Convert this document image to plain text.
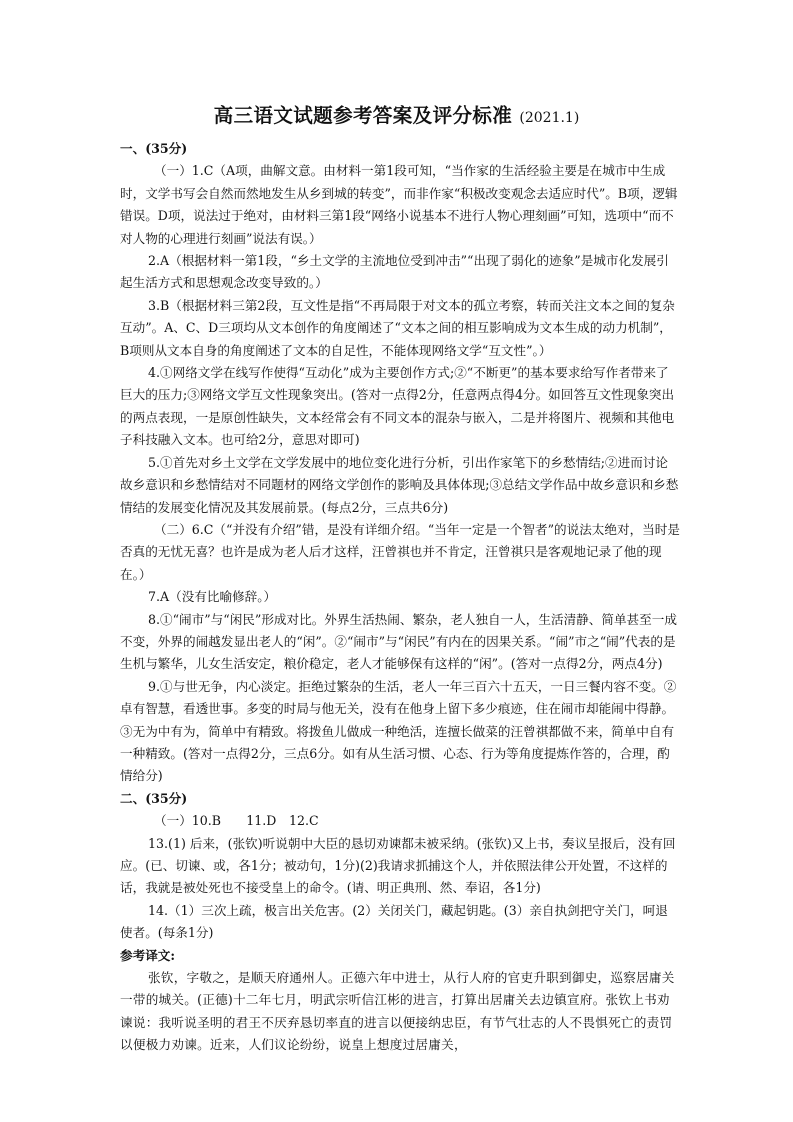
高三语文试题参考答案及评分标准 (2021.1)

一、(35分)

（一）1.C（A项，曲解文意。由材料一第1段可知，“当作家的生活经验主要是在城市中生成时，文学书写会自然而然地发生从乡到城的转变”，而非作家“积极改变观念去适应时代”。B项，逻辑错误。D项，说法过于绝对，由材料三第1段“网络小说基本不进行人物心理刻画”可知，选项中“而不对人物的心理进行刻画”说法有误。）

2.A（根据材料一第1段，“乡土文学的主流地位受到冲击”“出现了弱化的迹象”是城市化发展引起生活方式和思想观念改变导致的。）

3.B（根据材料三第2段，互文性是指“不再局限于对文本的孤立考察，转而关注文本之间的复杂互动”。A、C、D三项均从文本创作的角度阐述了“文本之间的相互影响成为文本生成的动力机制”，B项则从文本自身的角度阐述了文本的自足性，不能体现网络文学“互文性”。）

4.①网络文学在线写作使得“互动化”成为主要创作方式;②“不断更”的基本要求给写作者带来了巨大的压力;③网络文学互文性现象突出。(答对一点得2分，任意两点得4分。如回答互文性现象突出的两点表现，一是原创性缺失，文本经常会有不同文本的混杂与嵌入，二是并将图片、视频和其他电子科技融入文本。也可给2分，意思对即可)

5.①首先对乡土文学在文学发展中的地位变化进行分析，引出作家笔下的乡愁情结;②进而讨论故乡意识和乡愁情结对不同题材的网络文学创作的影响及具体体现;③总结文学作品中故乡意识和乡愁情结的发展变化情况及其发展前景。(每点2分，三点共6分)

（二）6.C（“并没有介绍”错，是没有详细介绍。“当年一定是一个智者”的说法太绝对，当时是否真的无忧无喜？也许是成为老人后才这样，汪曾祺也并不肯定，汪曾祺只是客观地记录了他的现在。）

7.A（没有比喻修辞。）

8.①“闹市”与“闲民”形成对比。外界生活热闹、繁杂，老人独自一人，生活清静、简单甚至一成不变，外界的闹越发显出老人的“闲”。②“闹市”与“闲民”有内在的因果关系。“闹”市之“闹”代表的是生机与繁华，儿女生活安定，粮价稳定，老人才能够保有这样的“闲”。(答对一点得2分，两点4分)

9.①与世无争，内心淡定。拒绝过繁杂的生活，老人一年三百六十五天，一日三餐内容不变。②卓有智慧，看透世事。多变的时局与他无关，没有在他身上留下多少痕迹，住在闹市却能闹中得静。③无为中有为，简单中有精致。将拨鱼儿做成一种绝活，连擅长做菜的汪曾祺都做不来，简单中自有一种精致。(答对一点得2分，三点6分。如有从生活习惯、心态、行为等角度提炼作答的，合理，酌情给分)

二、(35分)

（一）10.B　　11.D　12.C

13.(1) 后来，(张钦)听说朝中大臣的恳切劝谏都未被采纳。(张钦)又上书，奏议呈报后，没有回应。(已、切谏、或，各1分；被动句，1分)(2)我请求抓捕这个人，并依照法律公开处置，不这样的话，我就是被处死也不接受皇上的命令。(请、明正典刑、然、奉诏，各1分)

14.（1）三次上疏，极言出关危害。(2）关闭关门，藏起钥匙。(3）亲自执剑把守关门，呵退使者。(每条1分)

参考译文:

张钦，字敬之，是顺天府通州人。正德六年中进士，从行人府的官吏升职到御史，巡察居庸关一带的城关。(正德)十二年七月，明武宗听信江彬的进言，打算出居庸关去边镇宣府。张钦上书劝谏说：我听说圣明的君王不厌弃恳切率直的进言以便接纳忠臣，有节气壮志的人不畏惧死亡的责罚以便极力劝谏。近来，人们议论纷纷，说皇上想度过居庸关，
